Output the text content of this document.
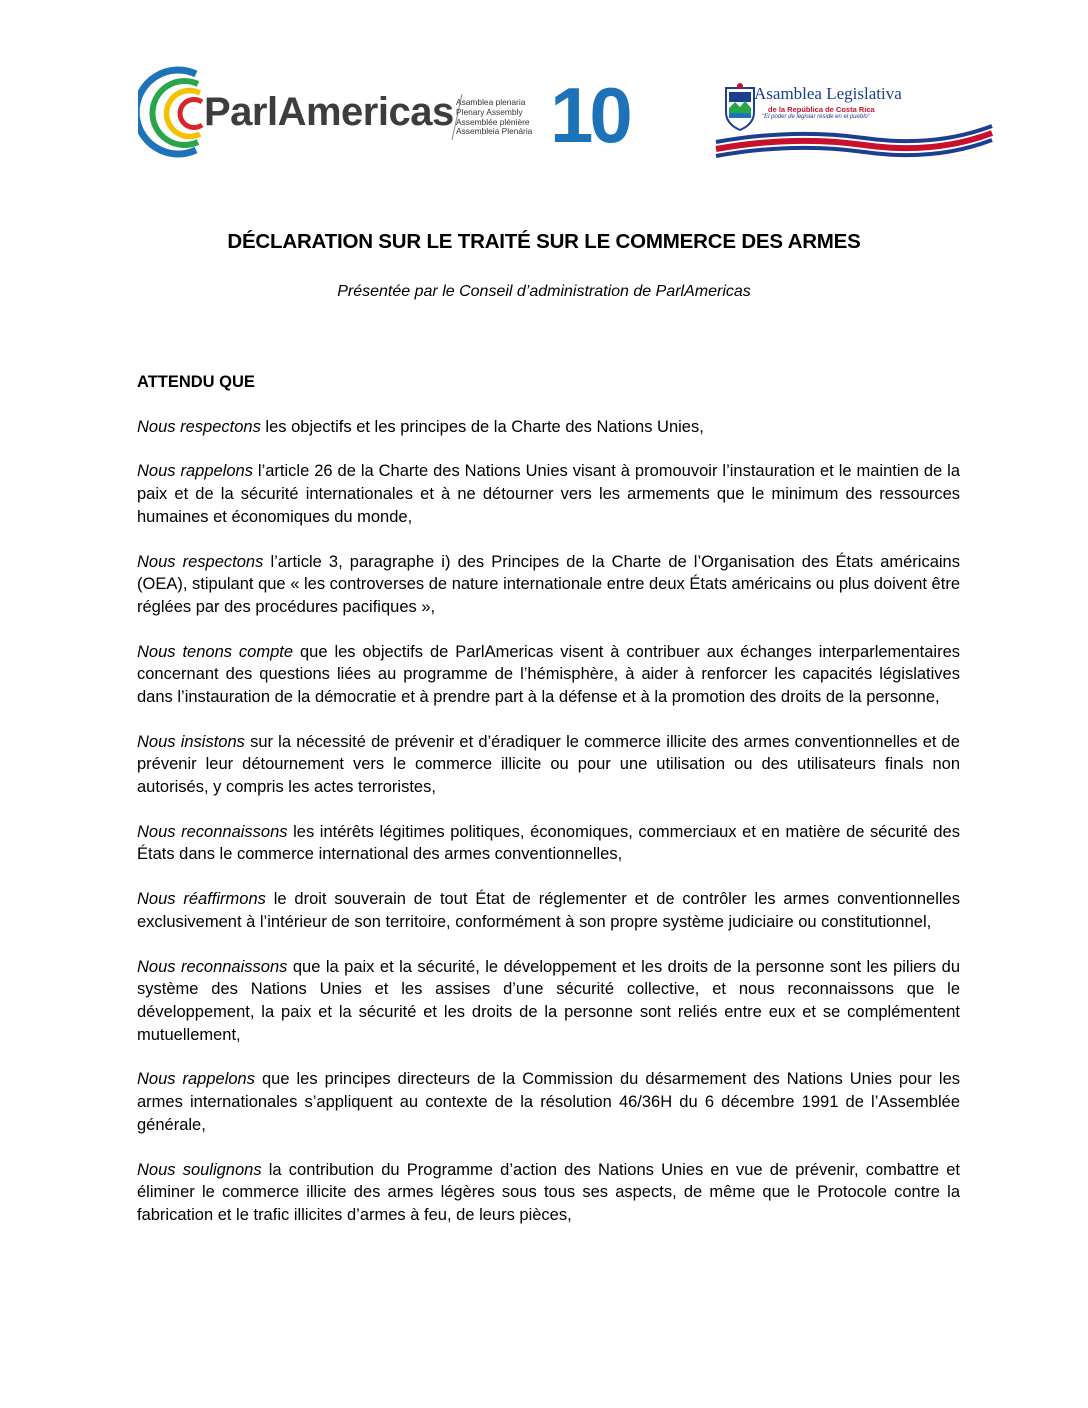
ParlAmericas Asamblea plenaria
Plenary Assembly
Assemblée plénière
Assembleia Plenária 10	Asamblea Legislativa
de la República de Costa Rica
"El poder de legislar reside en el pueblo"
DÉCLARATION SUR LE TRAITÉ SUR LE COMMERCE DES ARMES
Présentée par le Conseil d’administration de ParlAmericas
ATTENDU QUE

Nous respectons les objectifs et les principes de la Charte des Nations Unies,

Nous rappelons l’article 26 de la Charte des Nations Unies visant à promouvoir l’instauration et le maintien de la paix et de la sécurité internationales et à ne détourner vers les armements que le minimum des ressources humaines et économiques du monde,

Nous respectons l’article 3, paragraphe i) des Principes de la Charte de l’Organisation des États américains (OEA), stipulant que « les controverses de nature internationale entre deux États américains ou plus doivent être réglées par des procédures pacifiques »,

Nous tenons compte que les objectifs de ParlAmericas visent à contribuer aux échanges interparlementaires concernant des questions liées au programme de l’hémisphère, à aider à renforcer les capacités législatives dans l’instauration de la démocratie et à prendre part à la défense et à la promotion des droits de la personne,

Nous insistons sur la nécessité de prévenir et d’éradiquer le commerce illicite des armes conventionnelles et de prévenir leur détournement vers le commerce illicite ou pour une utilisation ou des utilisateurs finals non autorisés, y compris les actes terroristes,

Nous reconnaissons les intérêts légitimes politiques, économiques, commerciaux et en matière de sécurité des États dans le commerce international des armes conventionnelles,

Nous réaffirmons le droit souverain de tout État de réglementer et de contrôler les armes conventionnelles exclusivement à l’intérieur de son territoire, conformément à son propre système judiciaire ou constitutionnel,

Nous reconnaissons que la paix et la sécurité, le développement et les droits de la personne sont les piliers du système des Nations Unies et les assises d’une sécurité collective, et nous reconnaissons que le développement, la paix et la sécurité et les droits de la personne sont reliés entre eux et se complémentent mutuellement,

Nous rappelons que les principes directeurs de la Commission du désarmement des Nations Unies pour les armes internationales s’appliquent au contexte de la résolution 46/36H du 6 décembre 1991 de l’Assemblée générale,

Nous soulignons la contribution du Programme d’action des Nations Unies en vue de prévenir, combattre et éliminer le commerce illicite des armes légères sous tous ses aspects, de même que le Protocole contre la fabrication et le trafic illicites d’armes à feu, de leurs pièces,
